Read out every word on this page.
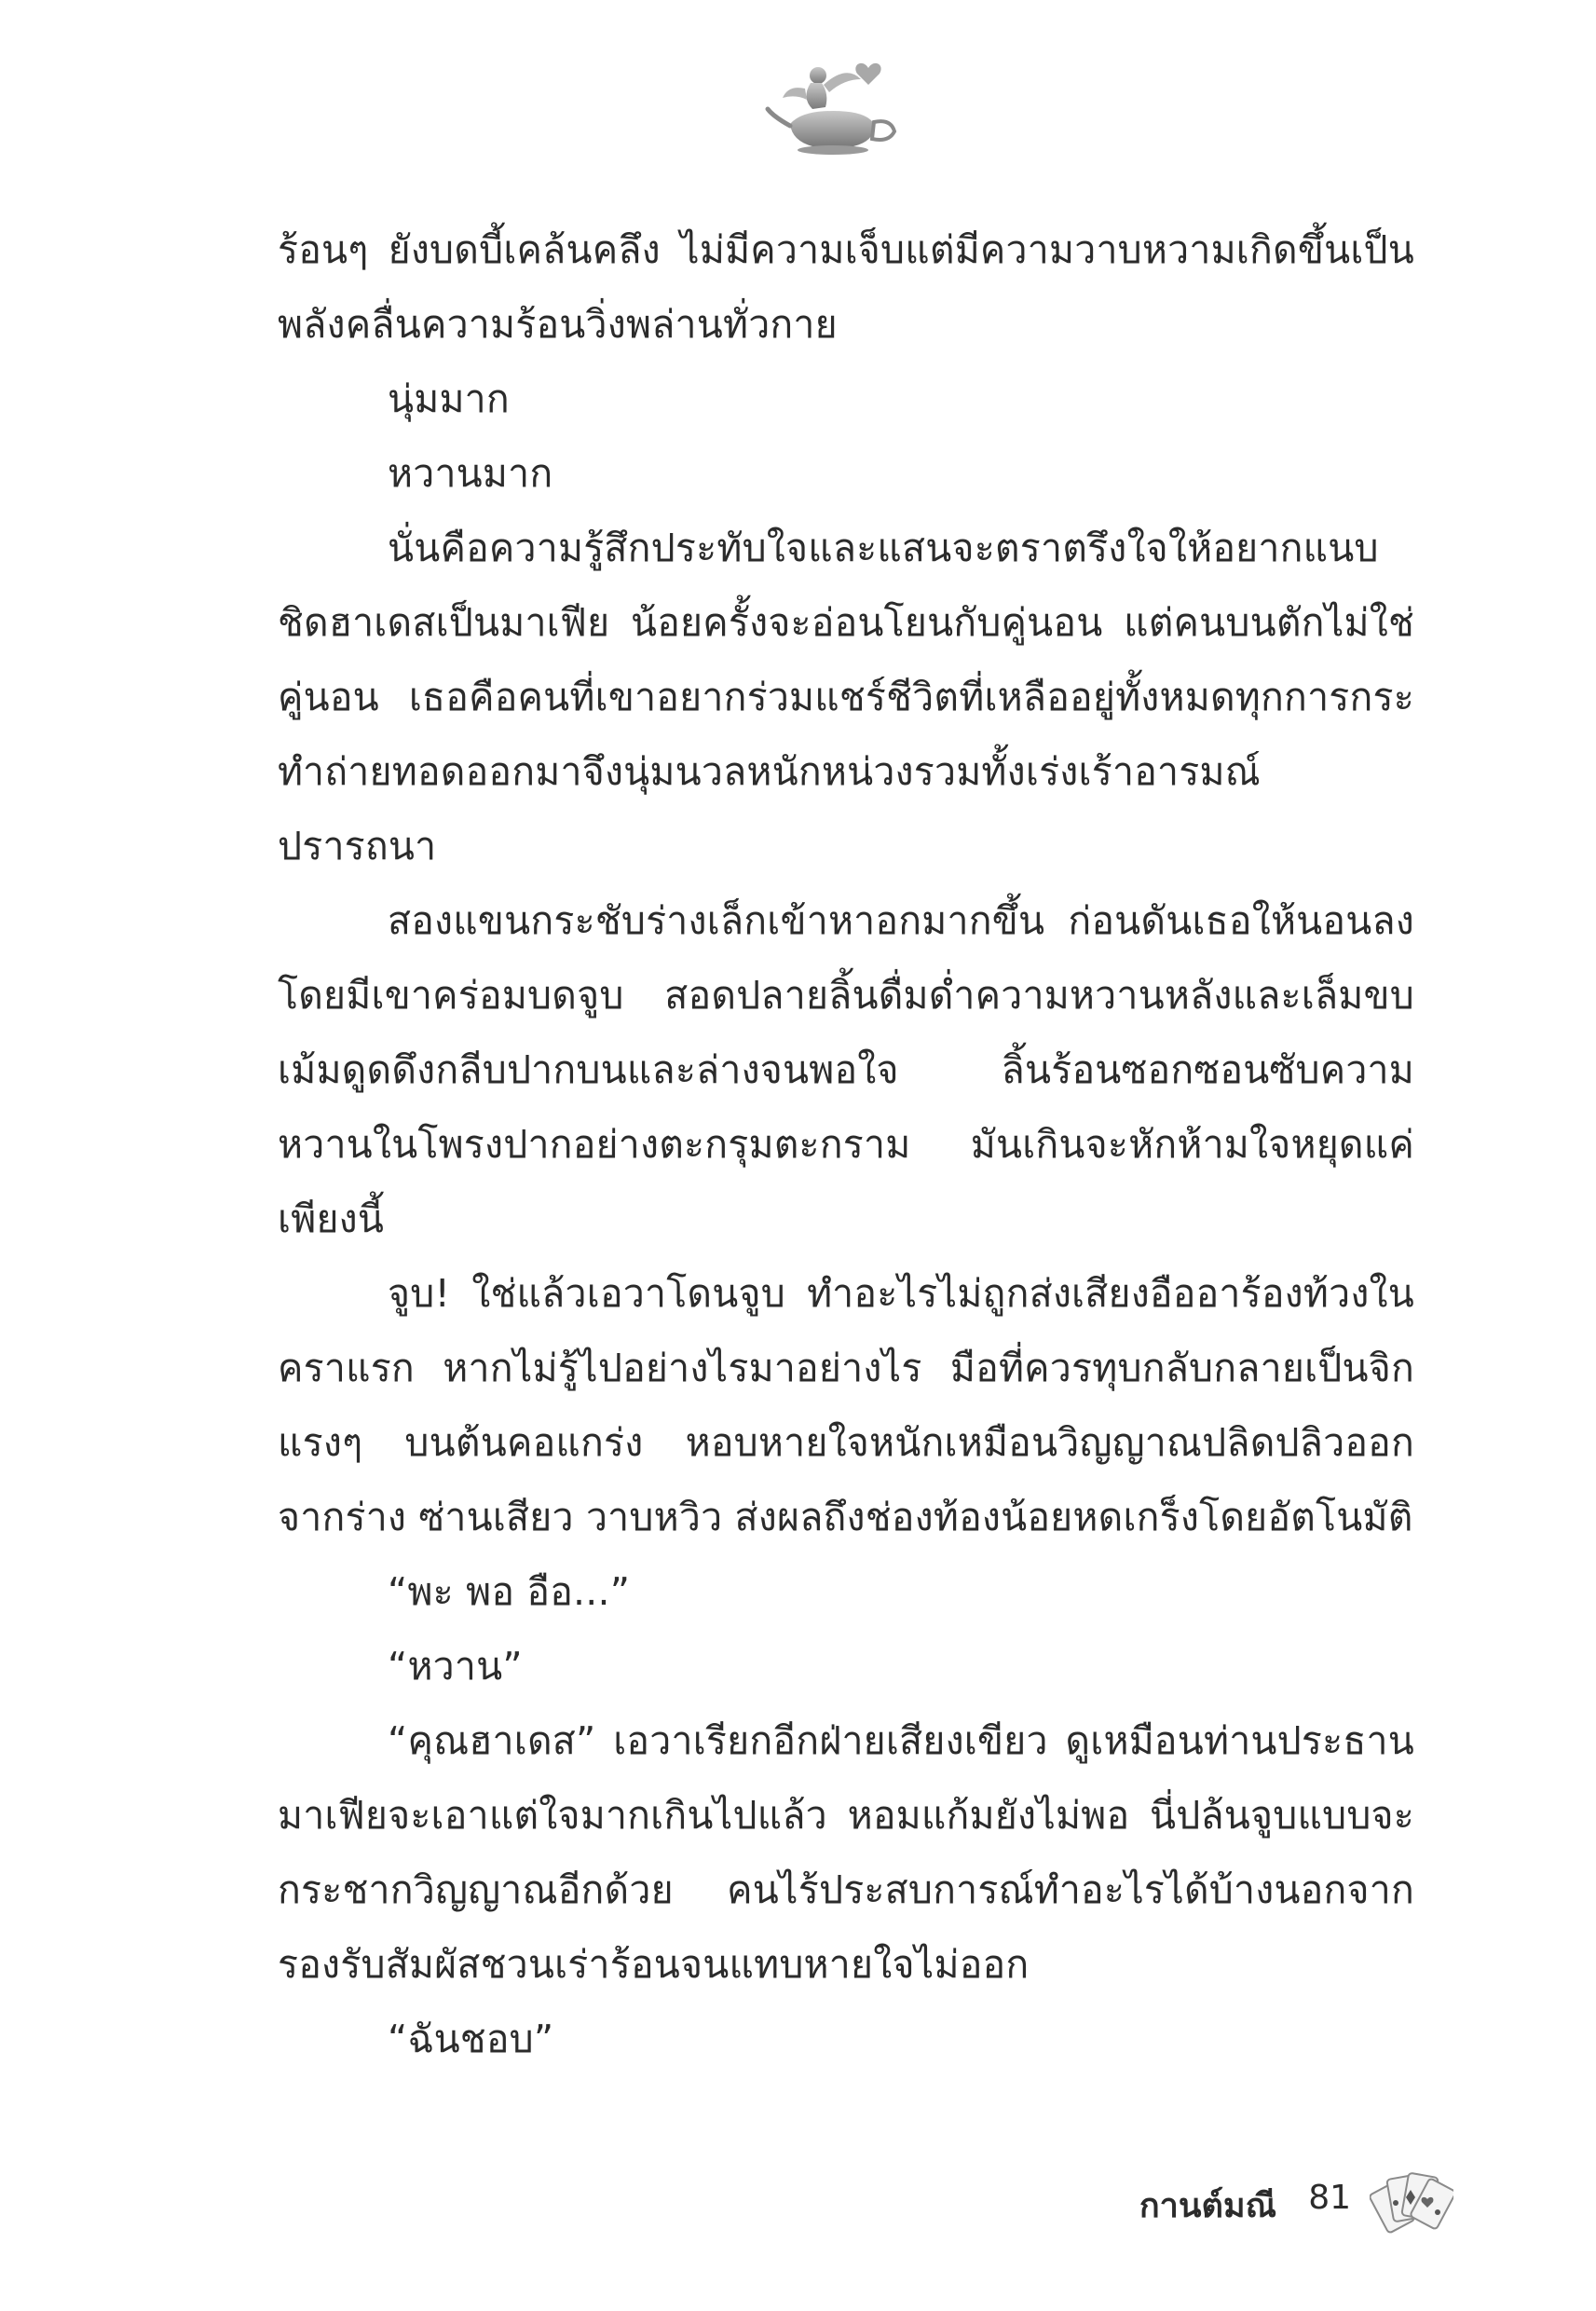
ร้อนๆ ยังบดบี้เคล้นคลึง ไม่มีความเจ็บแต่มีความวาบหวามเกิดขึ้นเป็นพลังคลื่นความร้อนวิ่งพล่านทั่วกาย

นุ่มมาก

หวานมาก

นั่นคือความรู้สึกประทับใจและแสนจะตราตรึงใจให้อยากแนบชิดฮาเดสเป็นมาเฟีย น้อยครั้งจะอ่อนโยนกับคู่นอน แต่คนบนตักไม่ใช่คู่นอน เธอคือคนที่เขาอยากร่วมแชร์ชีวิตที่เหลืออยู่ทั้งหมดทุกการกระทำถ่ายทอดออกมาจึงนุ่มนวลหนักหน่วงรวมทั้งเร่งเร้าอารมณ์ปรารถนา

สองแขนกระชับร่างเล็กเข้าหาอกมากขึ้น ก่อนดันเธอให้นอนลงโดยมีเขาคร่อมบดจูบ สอดปลายลิ้นดื่มด่ำความหวานหลังและเล็มขบเม้มดูดดึงกลีบปากบนและล่างจนพอใจ ลิ้นร้อนซอกซอนซับความหวานในโพรงปากอย่างตะกรุมตะกราม มันเกินจะหักห้ามใจหยุดแค่เพียงนี้

จูบ! ใช่แล้วเอวาโดนจูบ ทำอะไรไม่ถูกส่งเสียงอืออาร้องท้วงในคราแรก หากไม่รู้ไปอย่างไรมาอย่างไร มือที่ควรทุบกลับกลายเป็นจิกแรงๆ บนต้นคอแกร่ง หอบหายใจหนักเหมือนวิญญาณปลิดปลิวออกจากร่าง ซ่านเสียว วาบหวิว ส่งผลถึงช่องท้องน้อยหดเกร็งโดยอัตโนมัติ

“พะ พอ อือ...”

“หวาน”

“คุณฮาเดส” เอวาเรียกอีกฝ่ายเสียงเขียว ดูเหมือนท่านประธานมาเฟียจะเอาแต่ใจมากเกินไปแล้ว หอมแก้มยังไม่พอ นี่ปล้นจูบแบบจะกระชากวิญญาณอีกด้วย คนไร้ประสบการณ์ทำอะไรได้บ้างนอกจากรองรับสัมผัสชวนเร่าร้อนจนแทบหายใจไม่ออก

“ฉันชอบ”

กานต์มณี 81
